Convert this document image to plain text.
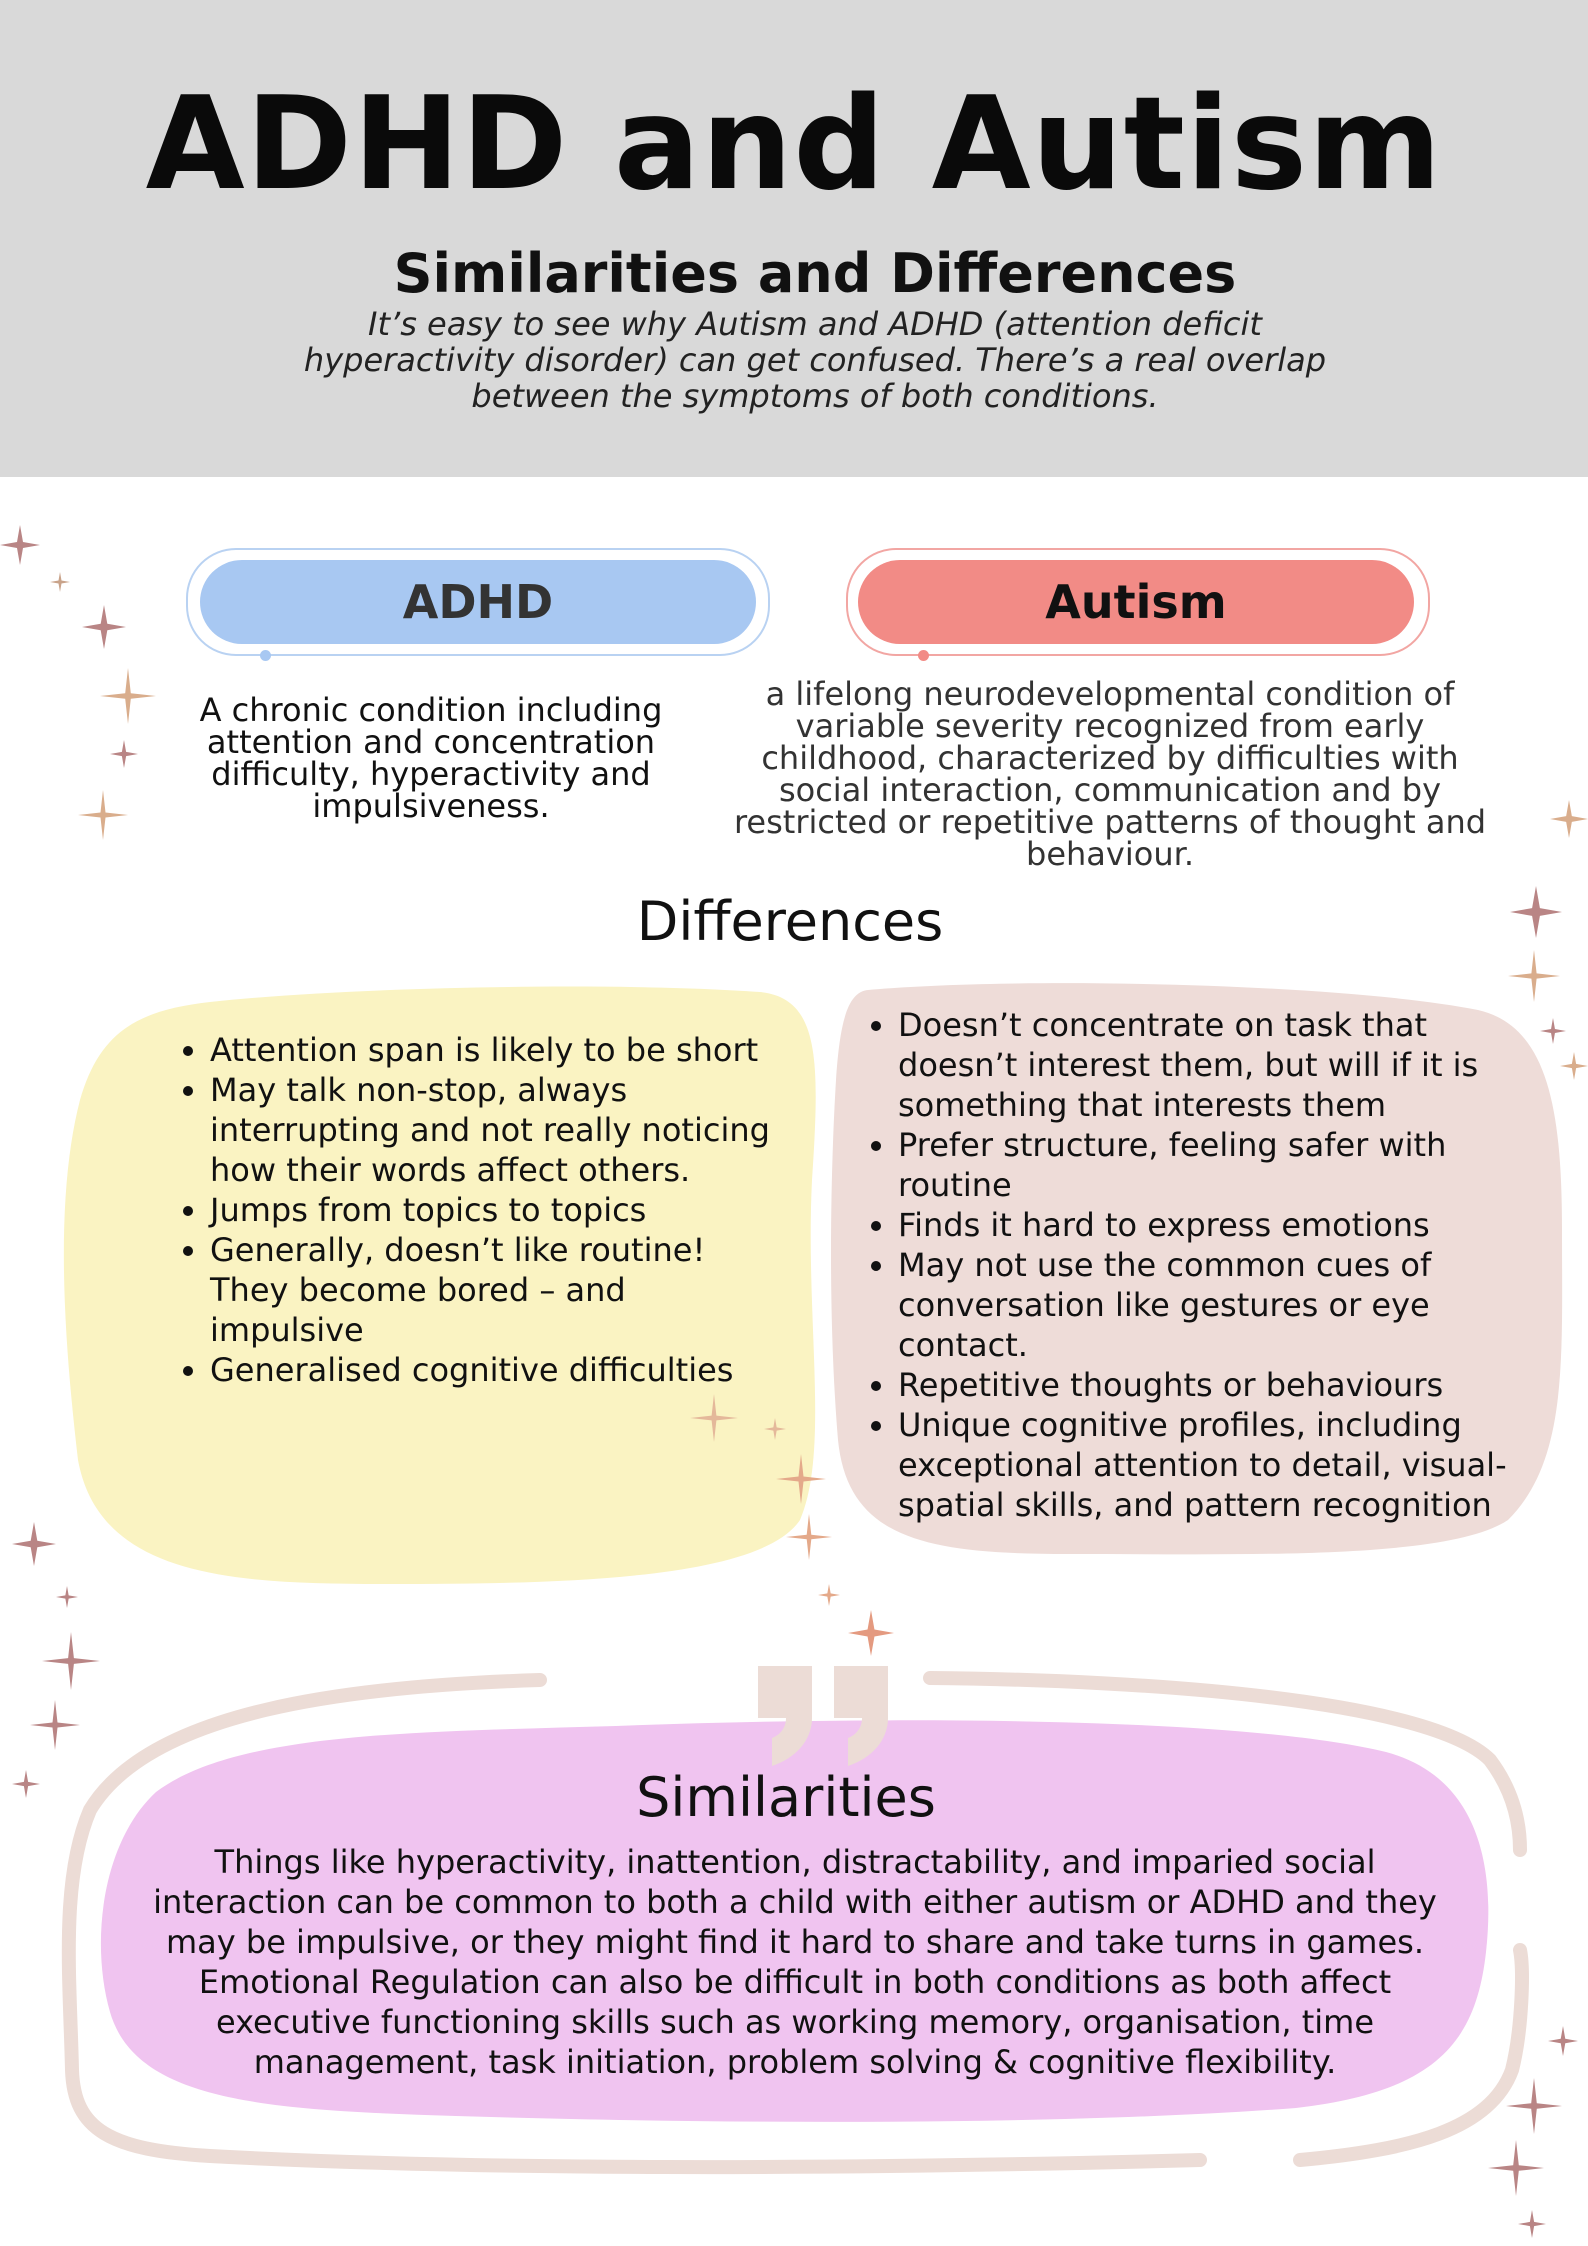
ADHD and Autism
Similarities and Differences
It’s easy to see why Autism and ADHD (attention deficit hyperactivity disorder) can get confused. There’s a real overlap between the symptoms of both conditions.
ADHD	Autism
A chronic condition including attention and concentration difficulty, hyperactivity and impulsiveness.
a lifelong neurodevelopmental condition of variable severity recognized from early childhood, characterized by difficulties with social interaction, communication and by restricted or repetitive patterns of thought and behaviour.
Differences
• Attention span is likely to be short
• May talk non-stop, always interrupting and not really noticing how their words affect others.
• Jumps from topics to topics
• Generally, doesn’t like routine! They become bored – and impulsive
• Generalised cognitive difficulties
• Doesn’t concentrate on task that doesn’t interest them, but will if it is something that interests them
• Prefer structure, feeling safer with routine
• Finds it hard to express emotions
• May not use the common cues of conversation like gestures or eye contact.
• Repetitive thoughts or behaviours
• Unique cognitive profiles, including exceptional attention to detail, visual-spatial skills, and pattern recognition
Similarities
Things like hyperactivity, inattention, distractability, and imparied social interaction can be common to both a child with either autism or ADHD and they may be impulsive, or they might find it hard to share and take turns in games. Emotional Regulation can also be difficult in both conditions as both affect executive functioning skills such as working memory, organisation, time management, task initiation, problem solving & cognitive flexibility.
